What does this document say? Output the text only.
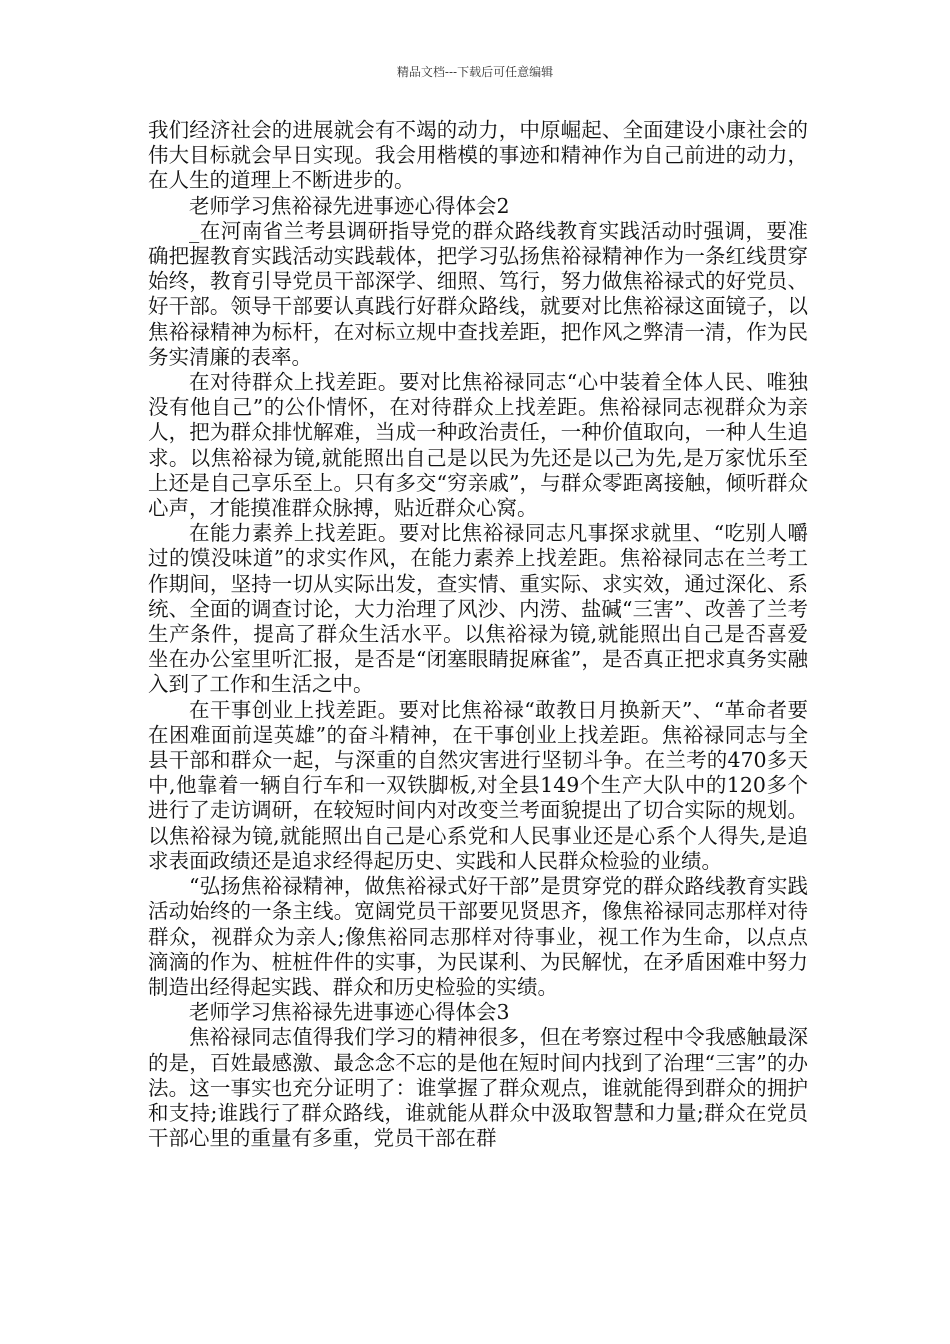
精品文档---下载后可任意编辑

我们经济社会的进展就会有不竭的动力，中原崛起、全面建设小康社会的伟大目标就会早日实现。我会用楷模的事迹和精神作为自己前进的动力，在人生的道理上不断进步的。

老师学习焦裕禄先进事迹心得体会2

_在河南省兰考县调研指导党的群众路线教育实践活动时强调，要准确把握教育实践活动实践载体，把学习弘扬焦裕禄精神作为一条红线贯穿始终，教育引导党员干部深学、细照、笃行，努力做焦裕禄式的好党员、好干部。领导干部要认真践行好群众路线，就要对比焦裕禄这面镜子，以焦裕禄精神为标杆，在对标立规中查找差距，把作风之弊清一清，作为民务实清廉的表率。

在对待群众上找差距。要对比焦裕禄同志“心中装着全体人民、唯独没有他自己”的公仆情怀，在对待群众上找差距。焦裕禄同志视群众为亲人，把为群众排忧解难，当成一种政治责任，一种价值取向，一种人生追求。以焦裕禄为镜,就能照出自己是以民为先还是以己为先,是万家忧乐至上还是自己享乐至上。只有多交“穷亲戚”，与群众零距离接触，倾听群众心声，才能摸准群众脉搏，贴近群众心窝。

在能力素养上找差距。要对比焦裕禄同志凡事探求就里、“吃别人嚼过的馍没味道”的求实作风，在能力素养上找差距。焦裕禄同志在兰考工作期间，坚持一切从实际出发，查实情、重实际、求实效，通过深化、系统、全面的调查讨论，大力治理了风沙、内涝、盐碱“三害”、改善了兰考生产条件，提高了群众生活水平。以焦裕禄为镜,就能照出自己是否喜爱坐在办公室里听汇报，是否是“闭塞眼睛捉麻雀”，是否真正把求真务实融入到了工作和生活之中。

在干事创业上找差距。要对比焦裕禄“敢教日月换新天”、“革命者要在困难面前逞英雄”的奋斗精神，在干事创业上找差距。焦裕禄同志与全县干部和群众一起，与深重的自然灾害进行坚韧斗争。在兰考的470多天中,他靠着一辆自行车和一双铁脚板,对全县149个生产大队中的120多个进行了走访调研，在较短时间内对改变兰考面貌提出了切合实际的规划。以焦裕禄为镜,就能照出自己是心系党和人民事业还是心系个人得失,是追求表面政绩还是追求经得起历史、实践和人民群众检验的业绩。

“弘扬焦裕禄精神，做焦裕禄式好干部”是贯穿党的群众路线教育实践活动始终的一条主线。宽阔党员干部要见贤思齐，像焦裕禄同志那样对待群众，视群众为亲人;像焦裕同志那样对待事业，视工作为生命，以点点滴滴的作为、桩桩件件的实事，为民谋利、为民解忧，在矛盾困难中努力制造出经得起实践、群众和历史检验的实绩。

老师学习焦裕禄先进事迹心得体会3

焦裕禄同志值得我们学习的精神很多，但在考察过程中令我感触最深的是，百姓最感激、最念念不忘的是他在短时间内找到了治理“三害”的办法。这一事实也充分证明了：谁掌握了群众观点，谁就能得到群众的拥护和支持;谁践行了群众路线，谁就能从群众中汲取智慧和力量;群众在党员干部心里的重量有多重，党员干部在群
